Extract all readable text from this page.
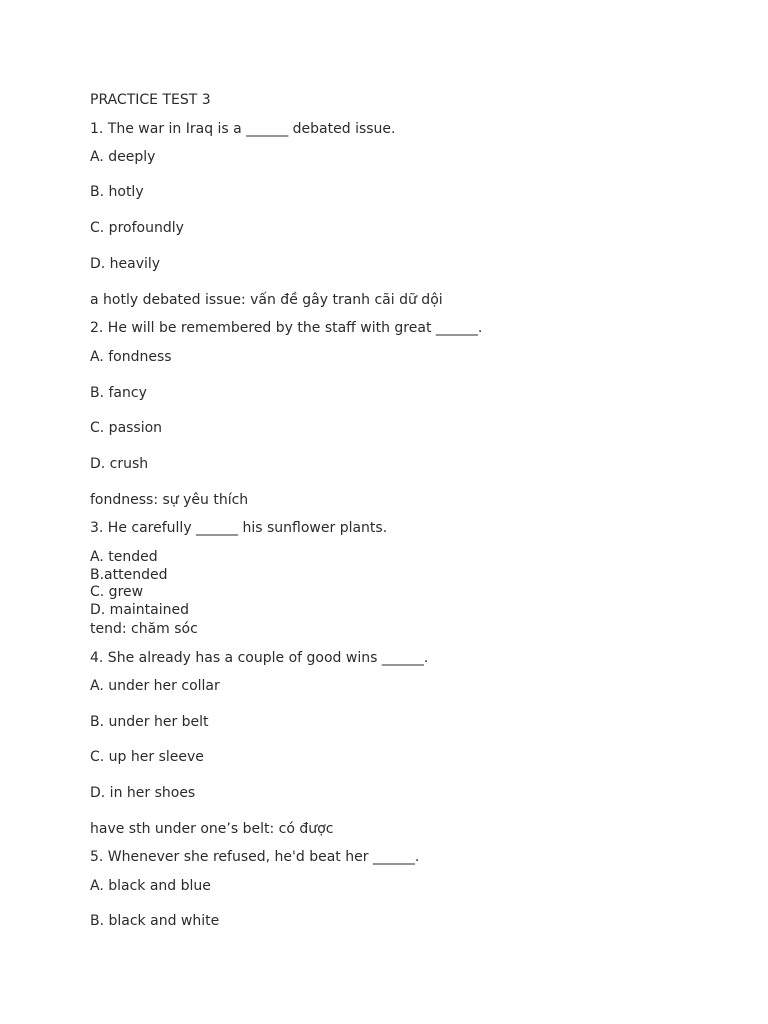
PRACTICE TEST 3
1. The war in Iraq is a ______ debated issue.
A. deeply
B. hotly
C. profoundly
D. heavily
a hotly debated issue: vấn đề gây tranh cãi dữ dội
2. He will be remembered by the staff with great ______.
A. fondness
B. fancy
C. passion
D. crush
fondness: sự yêu thích
3. He carefully ______ his sunflower plants.
A. tended
B.attended
C. grew
D. maintained
tend: chăm sóc
4. She already has a couple of good wins ______.
A. under her collar
B. under her belt
C. up her sleeve
D. in her shoes
have sth under one’s belt: có được
5. Whenever she refused, he'd beat her ______.
A. black and blue
B. black and white
